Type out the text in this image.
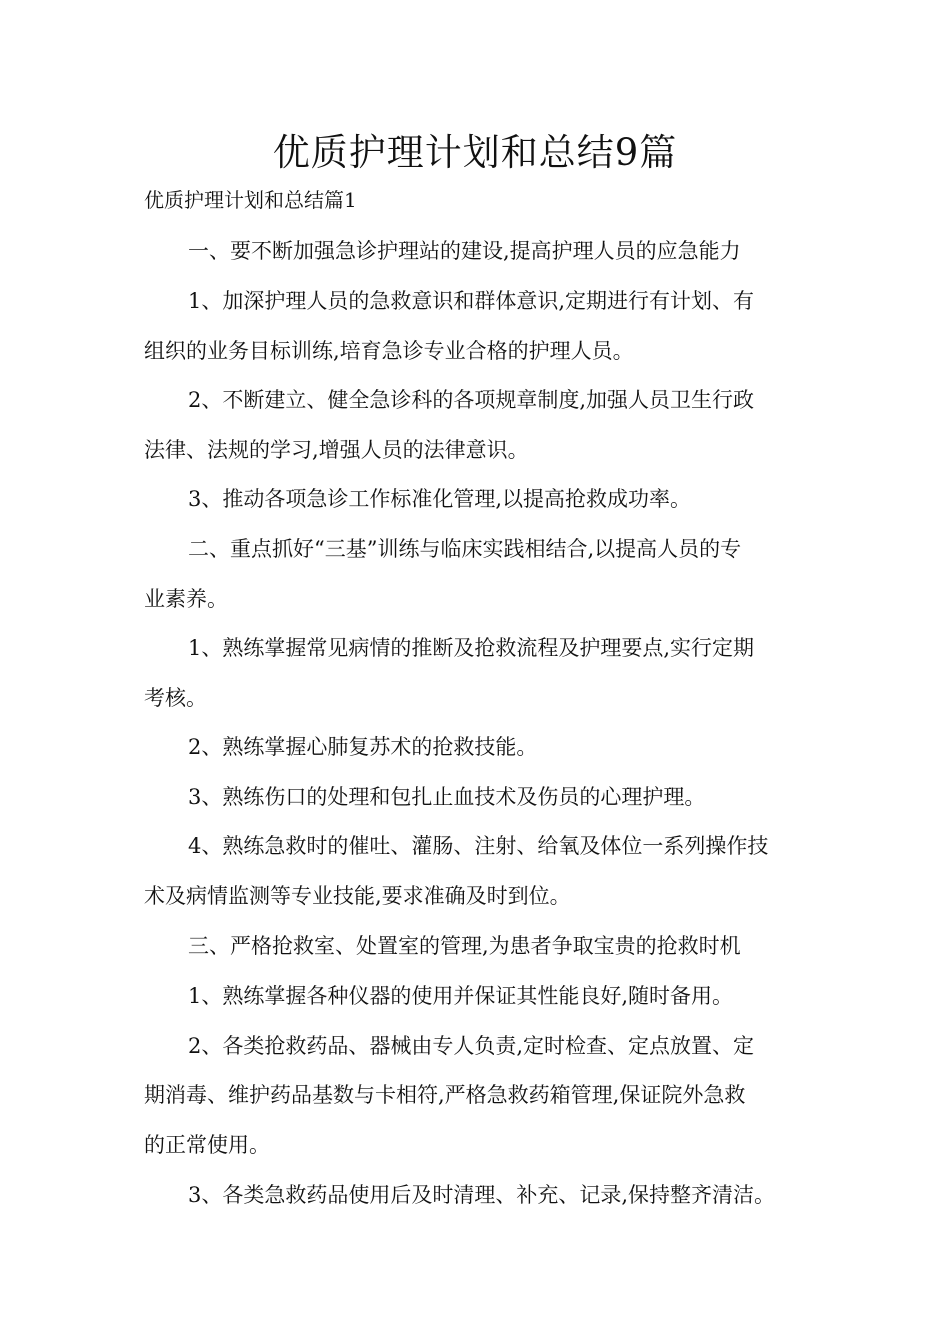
优质护理计划和总结9篇
优质护理计划和总结篇1
一、要不断加强急诊护理站的建设,提高护理人员的应急能力
1、加深护理人员的急救意识和群体意识,定期进行有计划、有
组织的业务目标训练,培育急诊专业合格的护理人员。
2、不断建立、健全急诊科的各项规章制度,加强人员卫生行政
法律、法规的学习,增强人员的法律意识。
3、推动各项急诊工作标准化管理,以提高抢救成功率。
二、重点抓好“三基”训练与临床实践相结合,以提高人员的专
业素养。
1、熟练掌握常见病情的推断及抢救流程及护理要点,实行定期
考核。
2、熟练掌握心肺复苏术的抢救技能。
3、熟练伤口的处理和包扎止血技术及伤员的心理护理。
4、熟练急救时的催吐、灌肠、注射、给氧及体位一系列操作技
术及病情监测等专业技能,要求准确及时到位。
三、严格抢救室、处置室的管理,为患者争取宝贵的抢救时机
1、熟练掌握各种仪器的使用并保证其性能良好,随时备用。
2、各类抢救药品、器械由专人负责,定时检查、定点放置、定
期消毒、维护药品基数与卡相符,严格急救药箱管理,保证院外急救
的正常使用。
3、各类急救药品使用后及时清理、补充、记录,保持整齐清洁。
